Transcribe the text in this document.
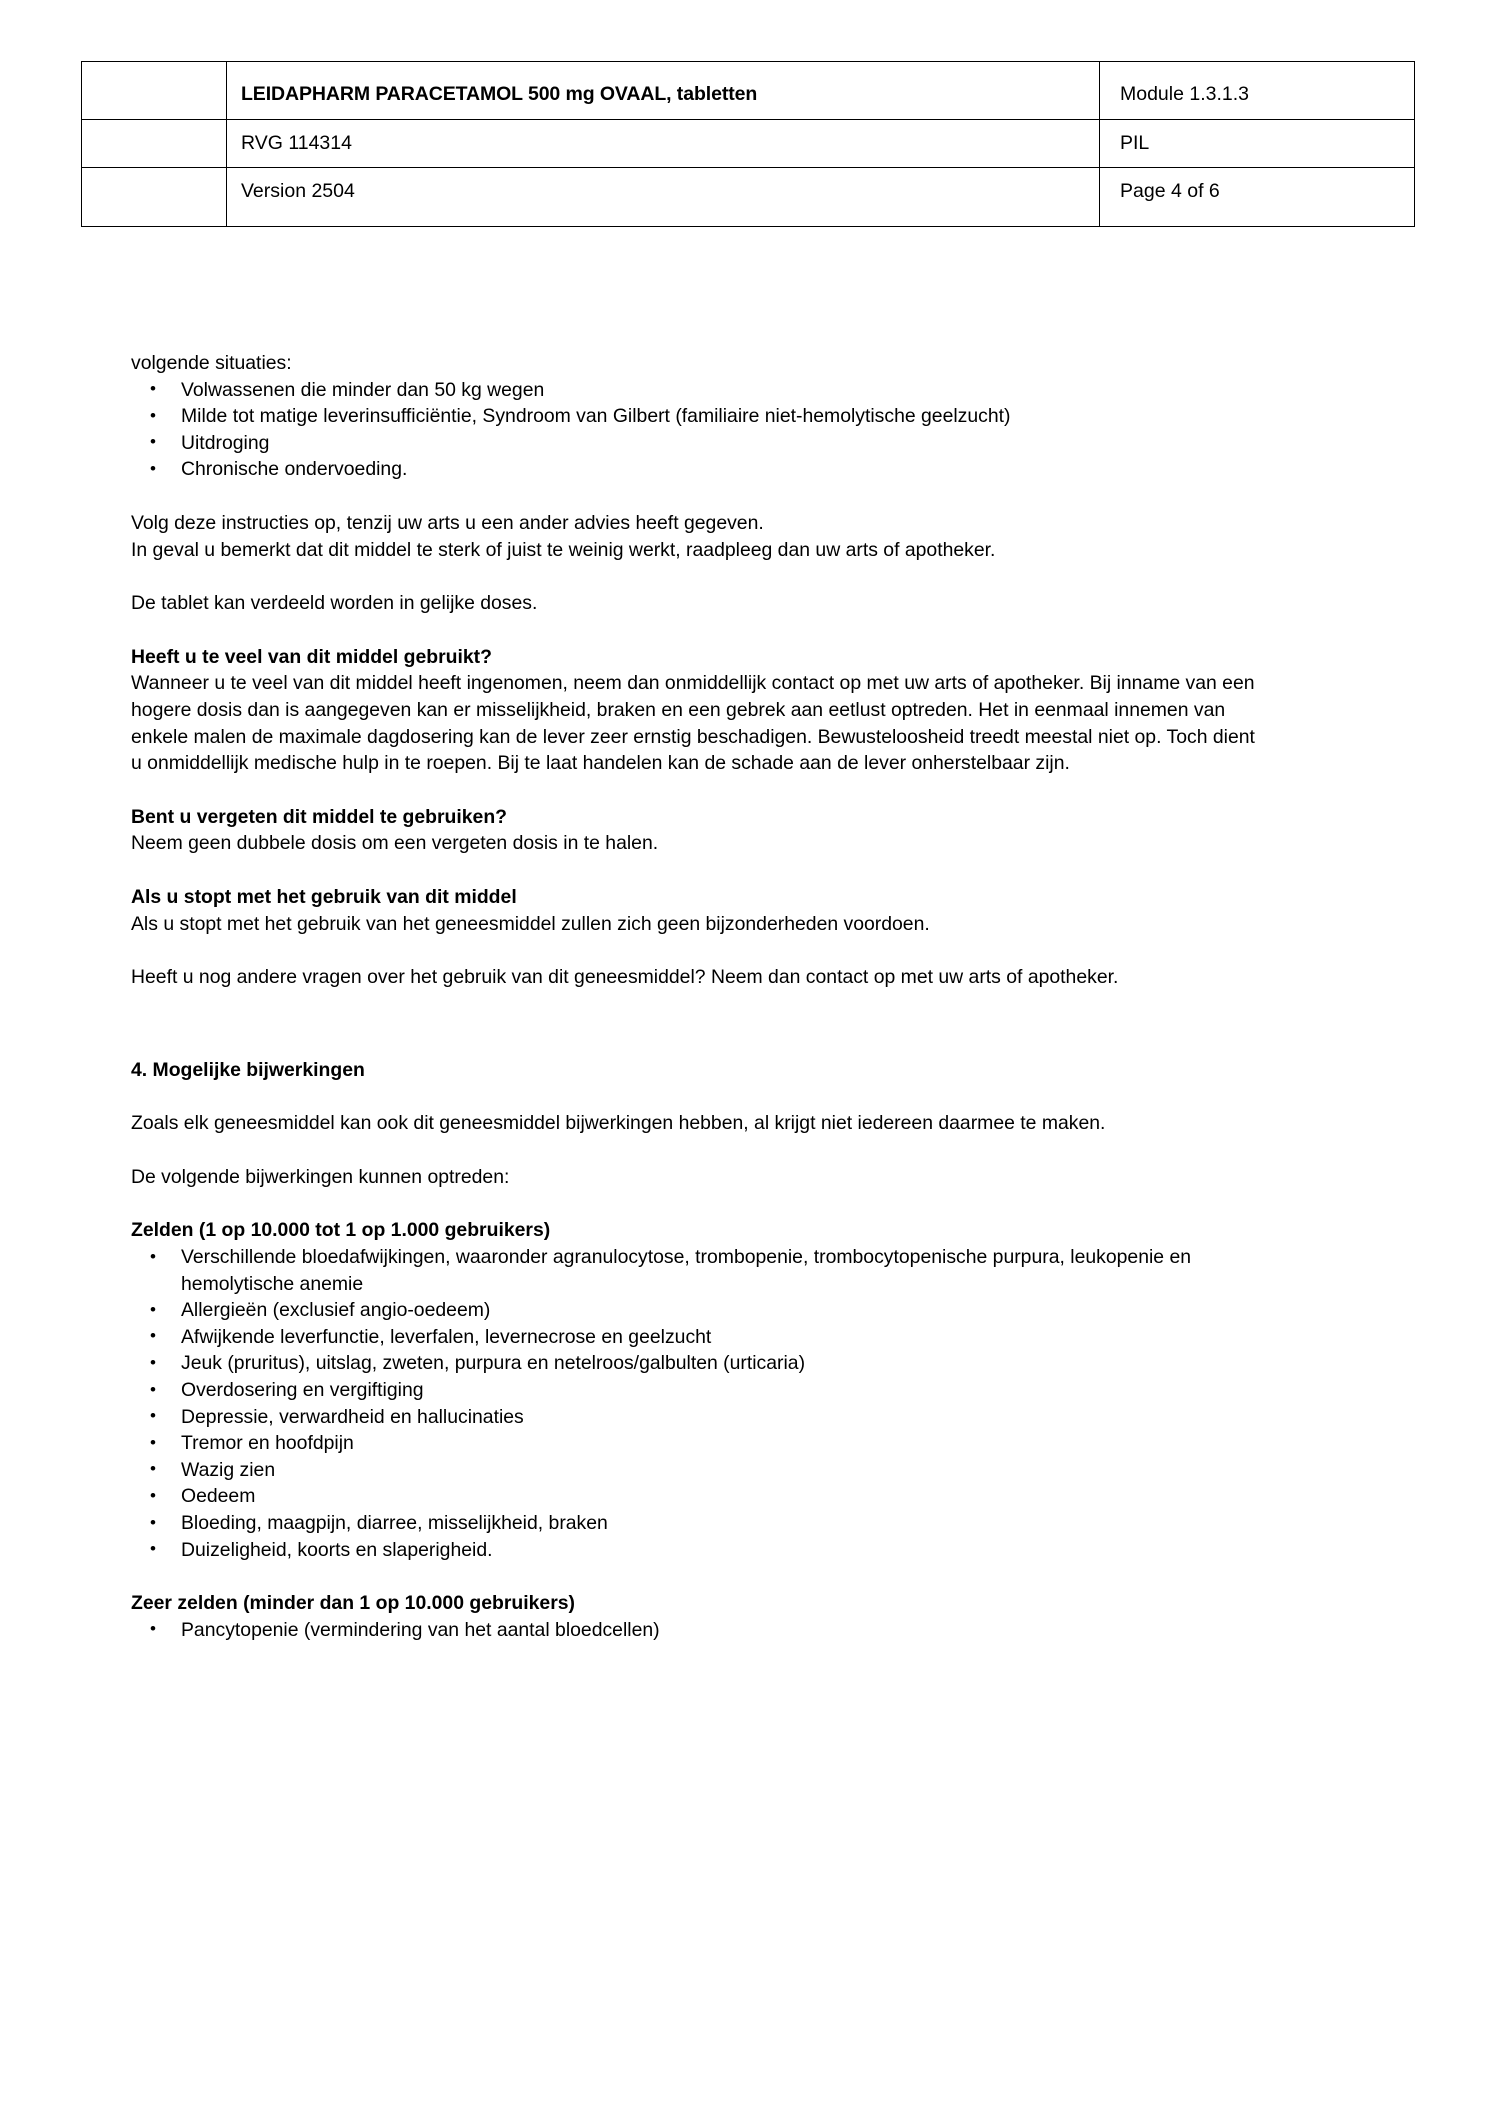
	LEIDAPHARM PARACETAMOL 500 mg OVAAL, tabletten	Module 1.3.1.3

	RVG 114314	PIL

	Version 2504	Page 4 of 6

volgende situaties:

• Volwassenen die minder dan 50 kg wegen
• Milde tot matige leverinsufficiëntie, Syndroom van Gilbert (familiaire niet-hemolytische geelzucht)
• Uitdroging
• Chronische ondervoeding.

Volg deze instructies op, tenzij uw arts u een ander advies heeft gegeven.

In geval u bemerkt dat dit middel te sterk of juist te weinig werkt, raadpleeg dan uw arts of apotheker.

De tablet kan verdeeld worden in gelijke doses.

Heeft u te veel van dit middel gebruikt?

Wanneer u te veel van dit middel heeft ingenomen, neem dan onmiddellijk contact op met uw arts of apotheker. Bij inname van een hogere dosis dan is aangegeven kan er misselijkheid, braken en een gebrek aan eetlust optreden. Het in eenmaal innemen van enkele malen de maximale dagdosering kan de lever zeer ernstig beschadigen. Bewusteloosheid treedt meestal niet op. Toch dient u onmiddellijk medische hulp in te roepen. Bij te laat handelen kan de schade aan de lever onherstelbaar zijn.

Bent u vergeten dit middel te gebruiken?

Neem geen dubbele dosis om een vergeten dosis in te halen.

Als u stopt met het gebruik van dit middel

Als u stopt met het gebruik van het geneesmiddel zullen zich geen bijzonderheden voordoen.

Heeft u nog andere vragen over het gebruik van dit geneesmiddel? Neem dan contact op met uw arts of apotheker.

4. Mogelijke bijwerkingen

Zoals elk geneesmiddel kan ook dit geneesmiddel bijwerkingen hebben, al krijgt niet iedereen daarmee te maken.

De volgende bijwerkingen kunnen optreden:

Zelden (1 op 10.000 tot 1 op 1.000 gebruikers)

• Verschillende bloedafwijkingen, waaronder agranulocytose, trombopenie, trombocytopenische purpura, leukopenie en hemolytische anemie
• Allergieën (exclusief angio-oedeem)
• Afwijkende leverfunctie, leverfalen, levernecrose en geelzucht
• Jeuk (pruritus), uitslag, zweten, purpura en netelroos/galbulten (urticaria)
• Overdosering en vergiftiging
• Depressie, verwardheid en hallucinaties
• Tremor en hoofdpijn
• Wazig zien
• Oedeem
• Bloeding, maagpijn, diarree, misselijkheid, braken
• Duizeligheid, koorts en slaperigheid.

Zeer zelden (minder dan 1 op 10.000 gebruikers)

• Pancytopenie (vermindering van het aantal bloedcellen)
